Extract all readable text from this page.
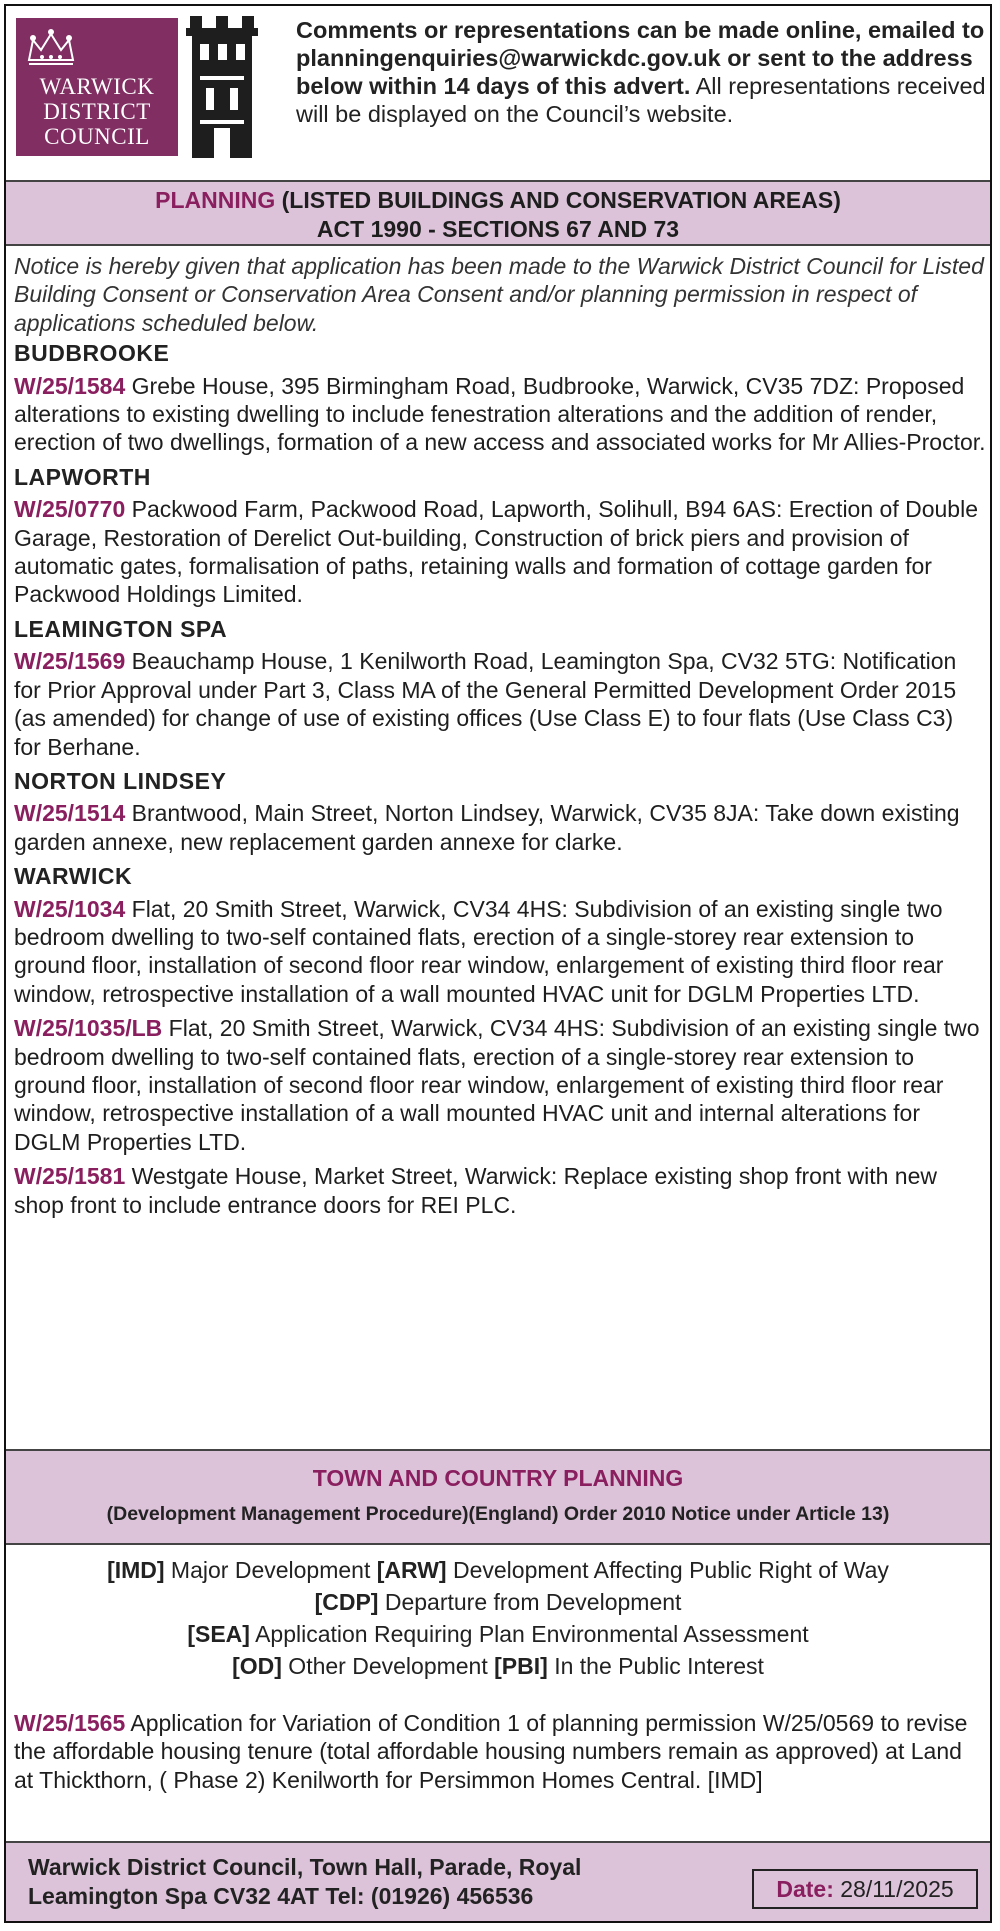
WARWICK
DISTRICT
COUNCIL
Comments or representations can be made online, emailed to planningenquiries@warwickdc.gov.uk or sent to the address below within 14 days of this advert. All representations received will be displayed on the Council’s website.
PLANNING (LISTED BUILDINGS AND CONSERVATION AREAS)
ACT 1990 - SECTIONS 67 AND 73

Notice is hereby given that application has been made to the Warwick District Council for Listed Building Consent or Conservation Area Consent and/or planning permission in respect of applications scheduled below.

BUDBROOKE

W/25/1584 Grebe House, 395 Birmingham Road, Budbrooke, Warwick, CV35 7DZ: Proposed alterations to existing dwelling to include fenestration alterations and the addition of render, erection of two dwellings, formation of a new access and associated works for Mr Allies-Proctor.

LAPWORTH

W/25/0770 Packwood Farm, Packwood Road, Lapworth, Solihull, B94 6AS: Erection of Double Garage, Restoration of Derelict Out-building, Construction of brick piers and provision of automatic gates, formalisation of paths, retaining walls and formation of cottage garden for Packwood Holdings Limited.

LEAMINGTON SPA

W/25/1569 Beauchamp House, 1 Kenilworth Road, Leamington Spa, CV32 5TG: Notification for Prior Approval under Part 3, Class MA of the General Permitted Development Order 2015 (as amended) for change of use of existing offices (Use Class E) to four flats (Use Class C3) for Berhane.

NORTON LINDSEY

W/25/1514 Brantwood, Main Street, Norton Lindsey, Warwick, CV35 8JA: Take down existing garden annexe, new replacement garden annexe for clarke.

WARWICK

W/25/1034 Flat, 20 Smith Street, Warwick, CV34 4HS: Subdivision of an existing single two bedroom dwelling to two-self contained flats, erection of a single-storey rear extension to ground floor, installation of second floor rear window, enlargement of existing third floor rear window, retrospective installation of a wall mounted HVAC unit for DGLM Properties LTD.

W/25/1035/LB Flat, 20 Smith Street, Warwick, CV34 4HS: Subdivision of an existing single two bedroom dwelling to two-self contained flats, erection of a single-storey rear extension to ground floor, installation of second floor rear window, enlargement of existing third floor rear window, retrospective installation of a wall mounted HVAC unit and internal alterations for DGLM Properties LTD.

W/25/1581 Westgate House, Market Street, Warwick: Replace existing shop front with new shop front to include entrance doors for REI PLC.

TOWN AND COUNTRY PLANNING
(Development Management Procedure)(England) Order 2010 Notice under Article 13)
[IMD] Major Development [ARW] Development Affecting Public Right of Way
[CDP] Departure from Development
[SEA] Application Requiring Plan Environmental Assessment
[OD] Other Development [PBI] In the Public Interest

W/25/1565 Application for Variation of Condition 1 of planning permission W/25/0569 to revise the affordable housing tenure (total affordable housing numbers remain as approved) at Land at Thickthorn, ( Phase 2) Kenilworth for Persimmon Homes Central. [IMD]

Warwick District Council, Town Hall, Parade, Royal
Leamington Spa CV32 4AT Tel: (01926) 456536	Date: 28/11/2025
